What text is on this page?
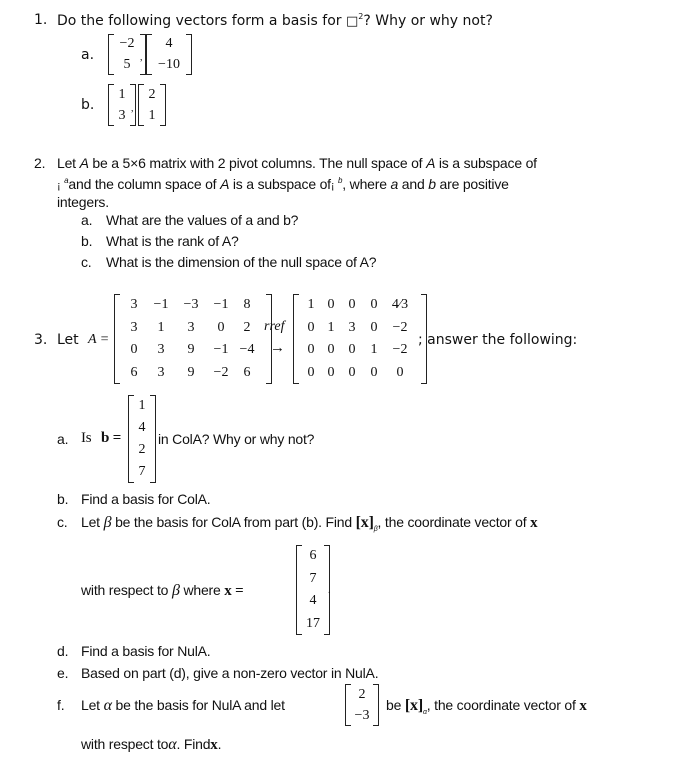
1. Do the following vectors form a basis for □$^2$? Why or why not?
a.
−2
5 ,
4
−10
b.
1
3 ,
2
1
2. Let A be a 5×6 matrix with 2 pivot columns. The null space of A is a subspace of
¡ $^a$and the column space of A is a subspace of¡ $^b$, where a and b are positive
integers.
a. What are the values of a and b?
b. What is the rank of A?
c. What is the dimension of the null space of A?
3. Let A =
3 −1 −3 −1 8
3 1 3 0 2
0 3 9 −1 −4
6 3 9 −2 6
rref
→
1 0 0 0 4⁄3
0 1 3 0 −2
0 0 0 1 −2
0 0 0 0 0
; answer the following:
a. Is b =
1
4
2
7
in ColA? Why or why not?
b. Find a basis for ColA.
c. Let β be the basis for ColA from part (b). Find $[x]_\beta$, the coordinate vector of x
with respect to β where x =
6
7
4
17
.
d. Find a basis for NulA.
e. Based on part (d), give a non-zero vector in NulA.
f. Let α be the basis for NulA and let
2
−3
be $[x]_\alpha$, the coordinate vector of x
with respect toα. Findx.
